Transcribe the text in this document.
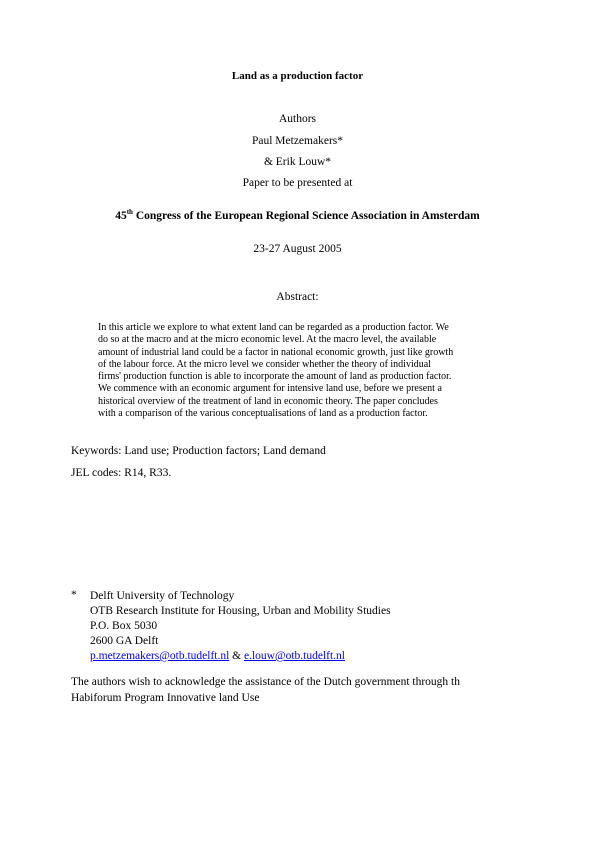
Land as a production factor
Authors
Paul Metzemakers*
& Erik Louw*
Paper to be presented at
45th Congress of the European Regional Science Association in Amsterdam
23-27 August 2005
Abstract:
In this article we explore to what extent land can be regarded as a production factor. We
do so at the macro and at the micro economic level. At the macro level, the available
amount of industrial land could be a factor in national economic growth, just like growth
of the labour force. At the micro level we consider whether the theory of individual
firms' production function is able to incorporate the amount of land as production factor.
We commence with an economic argument for intensive land use, before we present a
historical overview of the treatment of land in economic theory. The paper concludes
with a comparison of the various conceptualisations of land as a production factor.
Keywords: Land use; Production factors; Land demand
JEL codes: R14, R33.
* Delft University of Technology
OTB Research Institute for Housing, Urban and Mobility Studies
P.O. Box 5030
2600 GA Delft
p.metzemakers@otb.tudelft.nl & e.louw@otb.tudelft.nl
The authors wish to acknowledge the assistance of the Dutch government through th
Habiforum Program Innovative land Use
